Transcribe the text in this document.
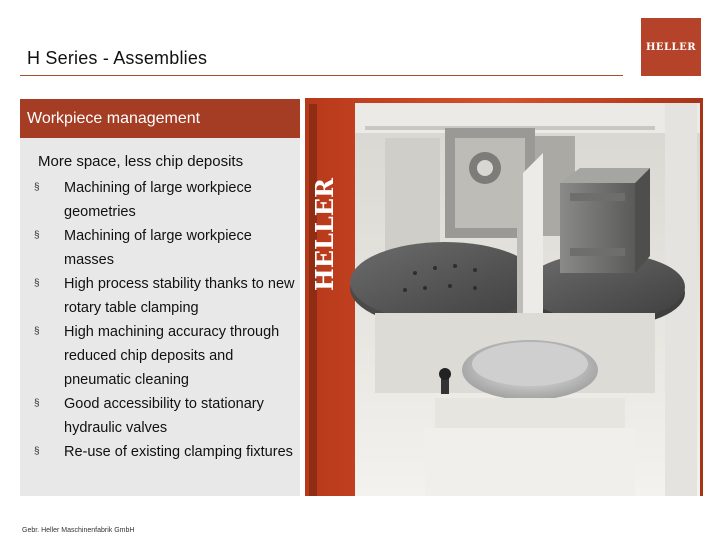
H Series - Assemblies
HELLER
Workpiece management
More space, less chip deposits
§ Machining of large workpiece geometries
§ Machining of large workpiece masses
§ High process stability thanks to new rotary table clamping
§ High machining accuracy through reduced chip deposits and pneumatic cleaning
§ Good accessibility to stationary hydraulic valves
§ Re-use of existing clamping fixtures
HELLER
Gebr. Heller Maschinenfabrik GmbH
